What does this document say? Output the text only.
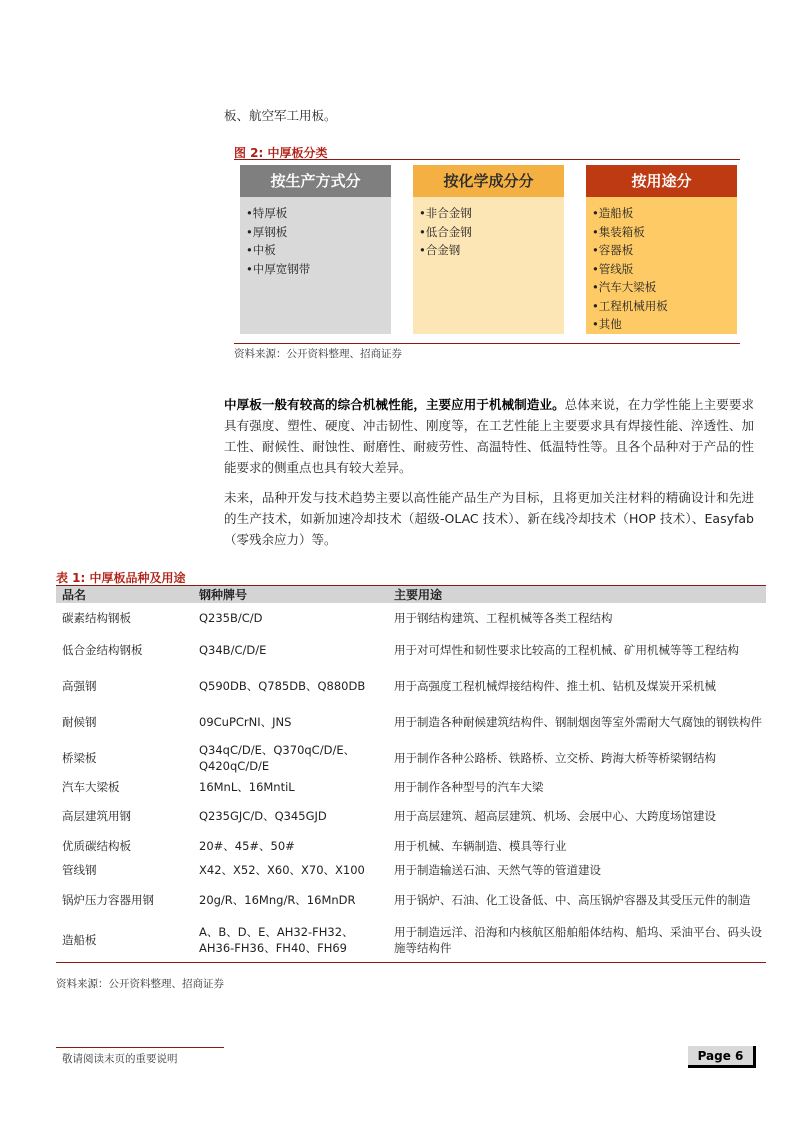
板、航空军工用板。
图 2: 中厚板分类
按生产方式分
• 特厚板
• 厚钢板
• 中板
• 中厚宽钢带
按化学成分分
• 非合金钢
• 低合金钢
• 合金钢
按用途分
• 造船板
• 集装箱板
• 容器板
• 管线版
• 汽车大梁板
• 工程机械用板
• 其他
资料来源：公开资料整理、招商证券

中厚板一般有较高的综合机械性能，主要应用于机械制造业。总体来说，在力学性能上主要要求具有强度、塑性、硬度、冲击韧性、刚度等，在工艺性能上主要要求具有焊接性能、淬透性、加工性、耐候性、耐蚀性、耐磨性、耐疲劳性、高温特性、低温特性等。且各个品种对于产品的性能要求的侧重点也具有较大差异。

未来，品种开发与技术趋势主要以高性能产品生产为目标，且将更加关注材料的精确设计和先进的生产技术，如新加速冷却技术（超级-OLAC 技术）、新在线冷却技术（HOP 技术）、Easyfab（零残余应力）等。

表 1: 中厚板品种及用途
品名	钢种牌号	主要用途
碳素结构钢板	Q235B/C/D	用于钢结构建筑、工程机械等各类工程结构
低合金结构钢板	Q34B/C/D/E	用于对可焊性和韧性要求比较高的工程机械、矿用机械等等工程结构
高强钢	Q590DB、Q785DB、Q880DB	用于高强度工程机械焊接结构件、推土机、钻机及煤炭开采机械
耐候钢	09CuPCrNI、JNS	用于制造各种耐候建筑结构件、钢制烟囱等室外需耐大气腐蚀的钢铁构件
桥梁板	Q34qC/D/E、Q370qC/D/E、Q420qC/D/E	用于制作各种公路桥、铁路桥、立交桥、跨海大桥等桥梁钢结构
汽车大梁板	16MnL、16MntiL	用于制作各种型号的汽车大梁
高层建筑用钢	Q235GJC/D、Q345GJD	用于高层建筑、超高层建筑、机场、会展中心、大跨度场馆建设
优质碳结构板	20#、45#、50#	用于机械、车辆制造、模具等行业
管线钢	X42、X52、X60、X70、X100	用于制造输送石油、天然气等的管道建设
锅炉压力容器用钢	20g/R、16Mng/R、16MnDR	用于锅炉、石油、化工设备低、中、高压锅炉容器及其受压元件的制造
造船板	A、B、D、E、AH32-FH32、AH36-FH36、FH40、FH69	用于制造远洋、沿海和内核航区船舶船体结构、船坞、采油平台、码头设施等结构件
资料来源：公开资料整理、招商证券
敬请阅读末页的重要说明	Page 6
